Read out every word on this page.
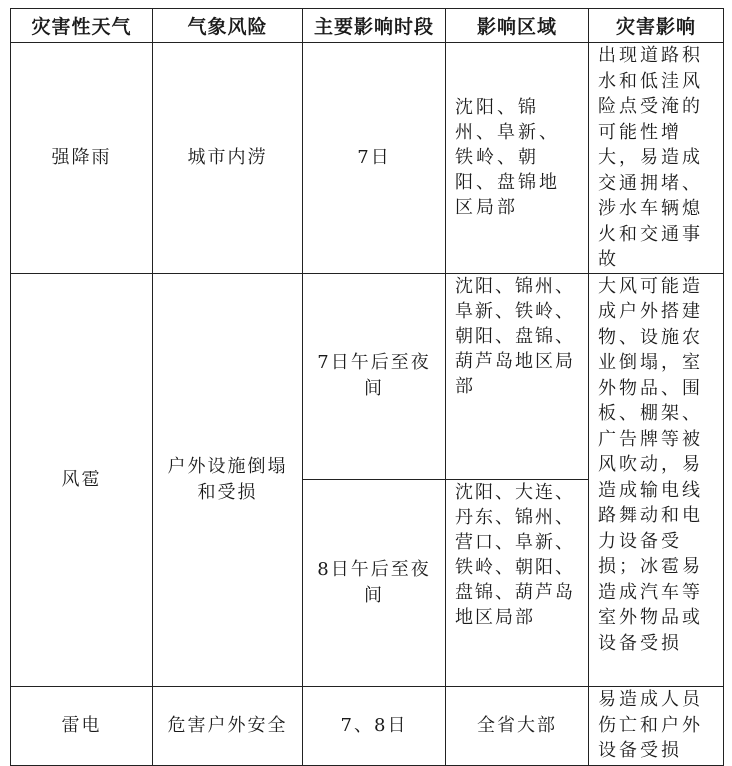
灾害性天气	气象风险	主要影响时段	影响区域	灾害影响

强降雨	城市内涝	7日	沈阳、锦州、阜新、铁岭、朝阳、盘锦地区局部	出现道路积水和低洼风险点受淹的可能性增大，易造成交通拥堵、涉水车辆熄火和交通事故

风雹	户外设施倒塌和受损	7日午后至夜间	沈阳、锦州、阜新、铁岭、朝阳、盘锦、葫芦岛地区局部	大风可能造成户外搭建物、设施农业倒塌，室外物品、围板、棚架、广告牌等被风吹动，易造成输电线路舞动和电力设备受损；冰雹易造成汽车等室外物品或设备受损

		8日午后至夜间	沈阳、大连、丹东、锦州、营口、阜新、铁岭、朝阳、盘锦、葫芦岛地区局部	

雷电	危害户外安全	7、8日	全省大部	易造成人员伤亡和户外设备受损
